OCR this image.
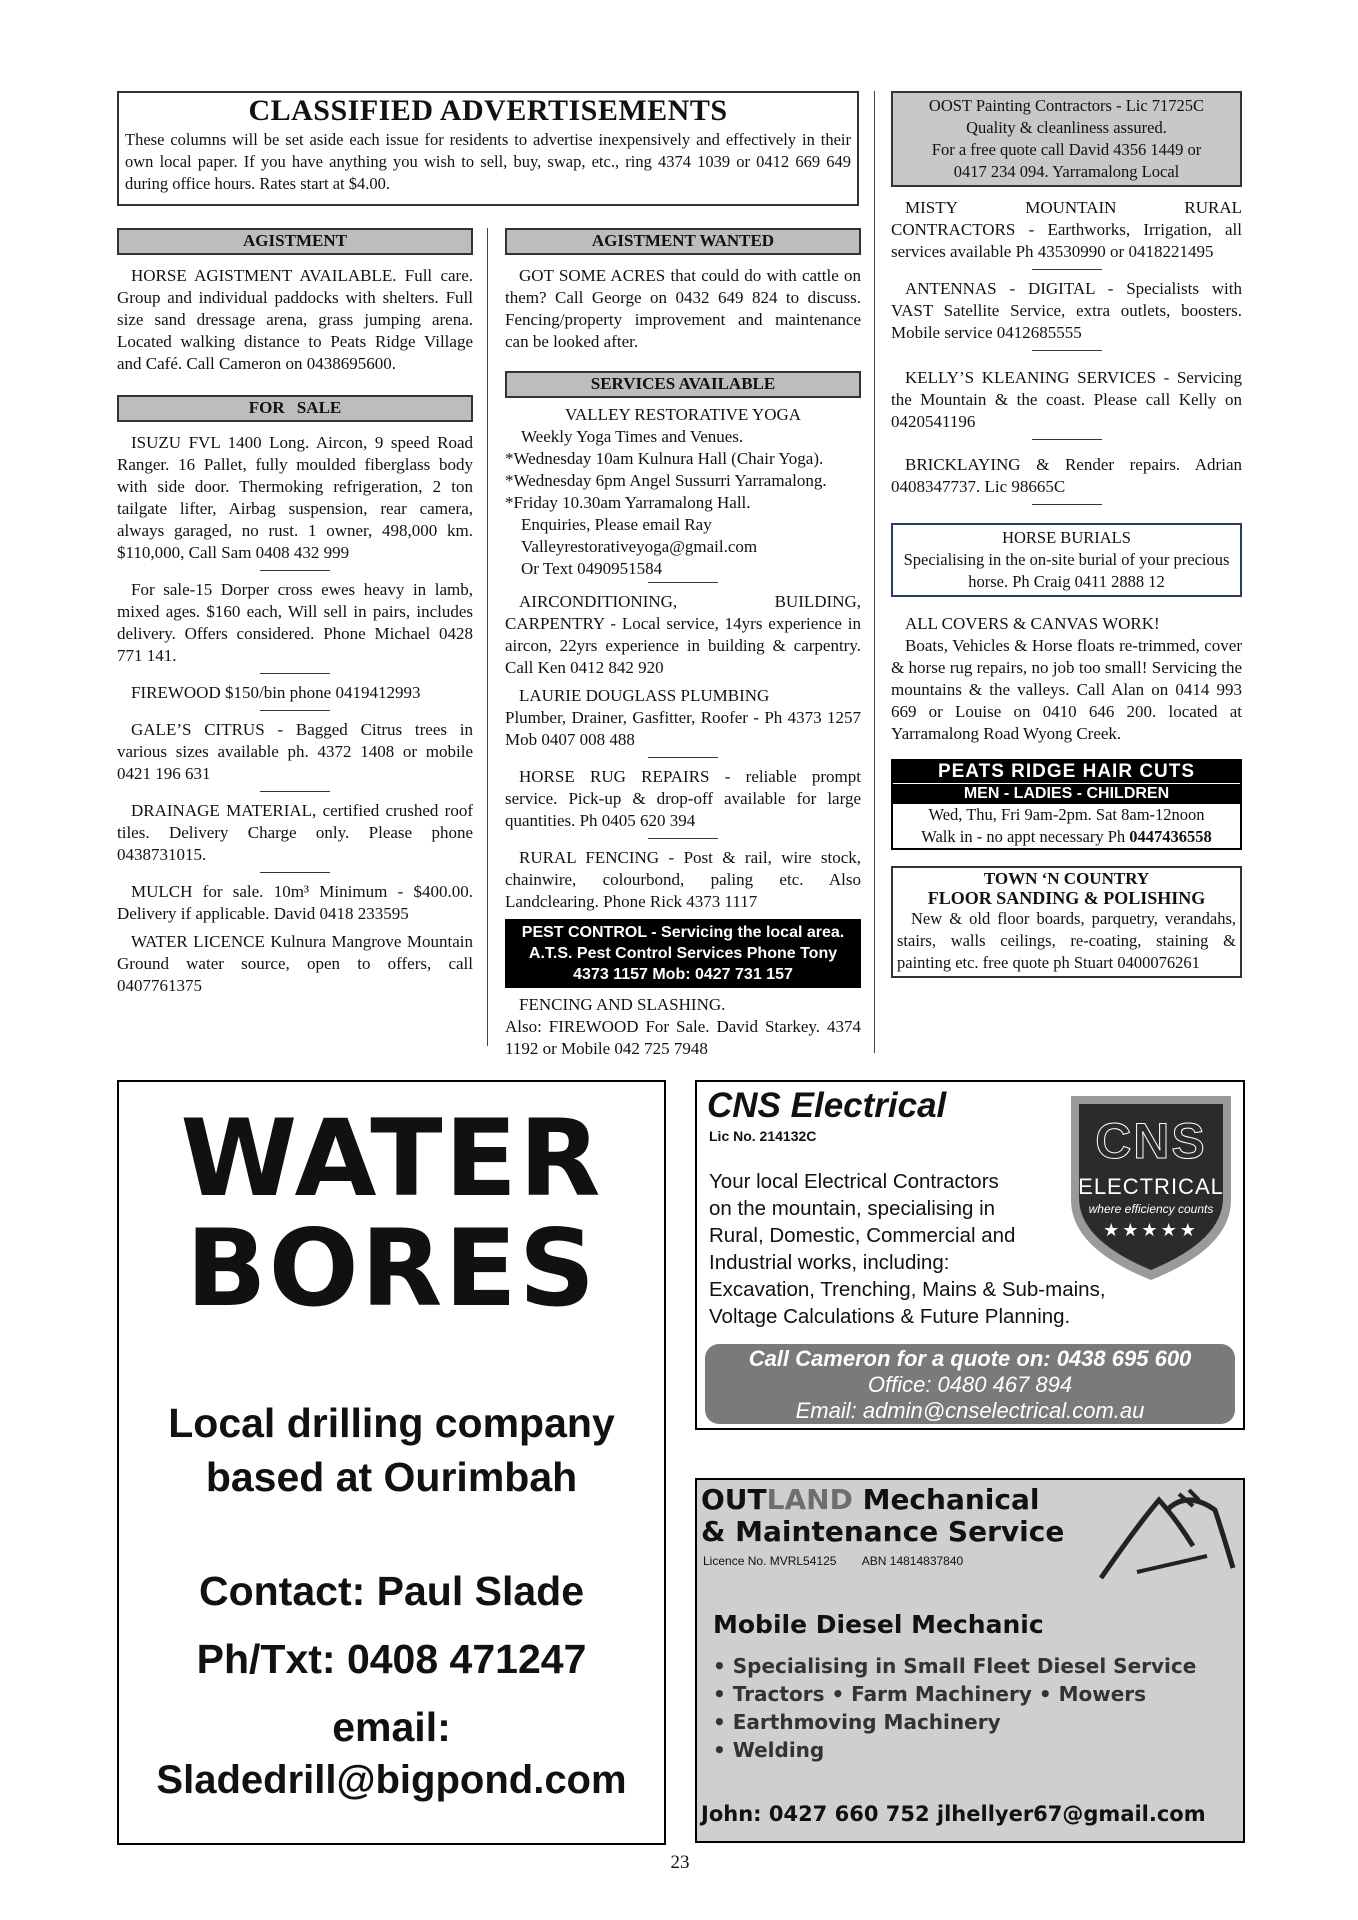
CLASSIFIED ADVERTISEMENTS
These columns will be set aside each issue for residents to advertise inexpensively and effectively in their own local paper. If you have anything you wish to sell, buy, swap, etc., ring 4374 1039 or 0412 669 649 during office hours. Rates start at $4.00.
AGISTMENT
HORSE AGISTMENT AVAILABLE. Full care. Group and individual paddocks with shelters. Full size sand dressage arena, grass jumping arena. Located walking distance to Peats Ridge Village and Café. Call Cameron on 0438695600.
FOR SALE
ISUZU FVL 1400 Long. Aircon, 9 speed Road Ranger. 16 Pallet, fully moulded fiberglass body with side door. Thermoking refrigeration, 2 ton tailgate lifter, Airbag suspension, rear camera, always garaged, no rust. 1 owner, 498,000 km. $110,000, Call Sam 0408 432 999
For sale-15 Dorper cross ewes heavy in lamb, mixed ages. $160 each, Will sell in pairs, includes delivery. Offers considered. Phone Michael 0428 771 141.
FIREWOOD $150/bin phone 0419412993
GALE’S CITRUS - Bagged Citrus trees in various sizes available ph. 4372 1408 or mobile 0421 196 631
DRAINAGE MATERIAL, certified crushed roof tiles. Delivery Charge only. Please phone 0438731015.
MULCH for sale. 10m³ Minimum - $400.00. Delivery if applicable. David 0418 233595
WATER LICENCE Kulnura Mangrove Mountain Ground water source, open to offers, call 0407761375
AGISTMENT WANTED
GOT SOME ACRES that could do with cattle on them? Call George on 0432 649 824 to discuss. Fencing/property improvement and maintenance can be looked after.
SERVICES AVAILABLE
VALLEY RESTORATIVE YOGA
Weekly Yoga Times and Venues.
*Wednesday 10am Kulnura Hall (Chair Yoga).
*Wednesday 6pm Angel Sussurri Yarramalong.
*Friday 10.30am Yarramalong Hall.
Enquiries, Please email Ray
Valleyrestorativeyoga@gmail.com
Or Text 0490951584
AIRCONDITIONING, BUILDING, CARPENTRY - Local service, 14yrs experience in aircon, 22yrs experience in building & carpentry. Call Ken 0412 842 920
LAURIE DOUGLASS PLUMBING
Plumber, Drainer, Gasfitter, Roofer - Ph 4373 1257 Mob 0407 008 488
HORSE RUG REPAIRS - reliable prompt service. Pick-up & drop-off available for large quantities. Ph 0405 620 394
RURAL FENCING - Post & rail, wire stock, chainwire, colourbond, paling etc. Also Landclearing. Phone Rick 4373 1117
PEST CONTROL - Servicing the local area. A.T.S. Pest Control Services Phone Tony 4373 1157 Mob: 0427 731 157
FENCING AND SLASHING.
Also: FIREWOOD For Sale. David Starkey. 4374 1192 or Mobile 042 725 7948
OOST Painting Contractors - Lic 71725C
Quality & cleanliness assured.
For a free quote call David 4356 1449 or
0417 234 094. Yarramalong Local
MISTY MOUNTAIN RURAL CONTRACTORS - Earthworks, Irrigation, all services available Ph 43530990 or 0418221495
ANTENNAS - DIGITAL - Specialists with VAST Satellite Service, extra outlets, boosters. Mobile service 0412685555
KELLY’S KLEANING SERVICES - Servicing the Mountain & the coast. Please call Kelly on 0420541196
BRICKLAYING & Render repairs. Adrian 0408347737. Lic 98665C
HORSE BURIALS
Specialising in the on-site burial of your precious horse. Ph Craig 0411 2888 12
ALL COVERS & CANVAS WORK!
Boats, Vehicles & Horse floats re-trimmed, cover & horse rug repairs, no job too small! Servicing the mountains & the valleys. Call Alan on 0414 993 669 or Louise on 0410 646 200. located at Yarramalong Road Wyong Creek.
PEATS RIDGE HAIR CUTS
MEN - LADIES - CHILDREN
Wed, Thu, Fri 9am-2pm. Sat 8am-12noon
Walk in - no appt necessary Ph 0447436558
TOWN ‘N COUNTRY
FLOOR SANDING & POLISHING
New & old floor boards, parquetry, verandahs, stairs, walls ceilings, re-coating, staining & painting etc. free quote ph Stuart 0400076261
WATER
BORES
Local drilling company
based at Ourimbah
Contact: Paul Slade
Ph/Txt: 0408 471247
email:
Sladedrill@bigpond.com
CNS Electrical
Lic No. 214132C
Your local Electrical Contractors
on the mountain, specialising in
Rural, Domestic, Commercial and
Industrial works, including:
Excavation, Trenching, Mains & Sub-mains,
Voltage Calculations & Future Planning.
CNS
ELECTRICAL
where efficiency counts
★★★★★
Call Cameron for a quote on: 0438 695 600
Office: 0480 467 894
Email: admin@cnselectrical.com.au
OUTLAND Mechanical
& Maintenance Service
Licence No. MVRL54125 ABN 14814837840
Mobile Diesel Mechanic
• Specialising in Small Fleet Diesel Service
• Tractors • Farm Machinery • Mowers
• Earthmoving Machinery
• Welding
John: 0427 660 752 jlhellyer67@gmail.com
23
